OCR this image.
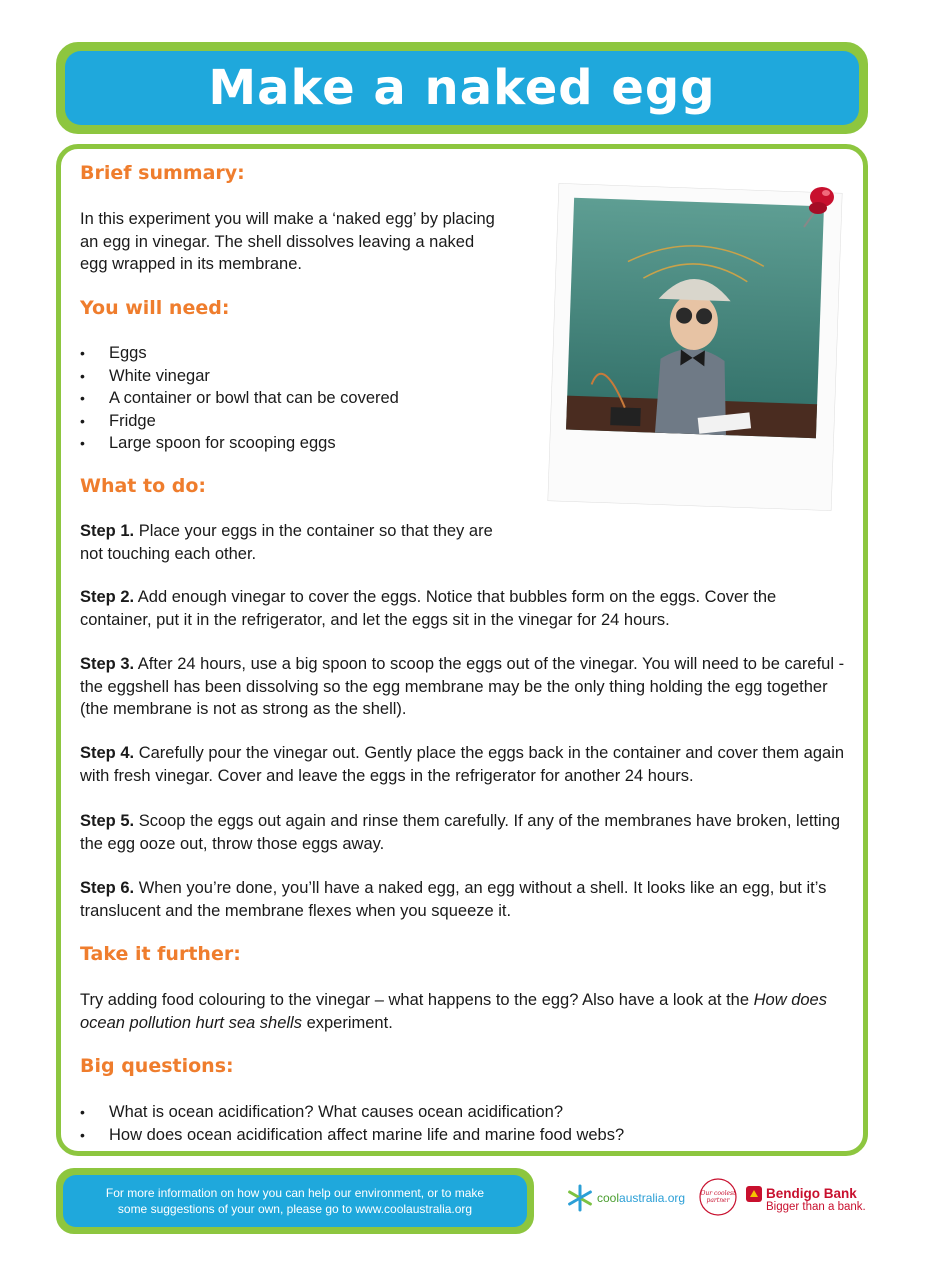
Make a naked egg
Brief summary:

In this experiment you will make a ‘naked egg’ by placing an egg in vinegar. The shell dissolves leaving a naked egg wrapped in its membrane.

You will need:
• Eggs
• White vinegar
• A container or bowl that can be covered
• Fridge
• Large spoon for scooping eggs
What to do:

Step 1. Place your eggs in the container so that they are not touching each other.

Step 2. Add enough vinegar to cover the eggs. Notice that bubbles form on the eggs. Cover the container, put it in the refrigerator, and let the eggs sit in the vinegar for 24 hours.

Step 3. After 24 hours, use a big spoon to scoop the eggs out of the vinegar. You will need to be careful - the eggshell has been dissolving so the egg membrane may be the only thing holding the egg together (the membrane is not as strong as the shell).

Step 4. Carefully pour the vinegar out. Gently place the eggs back in the container and cover them again with fresh vinegar. Cover and leave the eggs in the refrigerator for another 24 hours.

Step 5. Scoop the eggs out again and rinse them carefully. If any of the membranes have broken, letting the egg ooze out, throw those eggs away.

Step 6. When you’re done, you’ll have a naked egg, an egg without a shell. It looks like an egg, but it’s translucent and the membrane flexes when you squeeze it.

Take it further:

Try adding food colouring to the vinegar – what happens to the egg? Also have a look at the How does ocean pollution hurt sea shells experiment.

Big questions:
• What is ocean acidification? What causes ocean acidification?
• How does ocean acidification affect marine life and marine food webs?
For more information on how you can help our environment, or to make
some suggestions of your own, please go to www.coolaustralia.org
coolaustralia.org	Our coolest
partner	Bendigo Bank
Bigger than a bank.
